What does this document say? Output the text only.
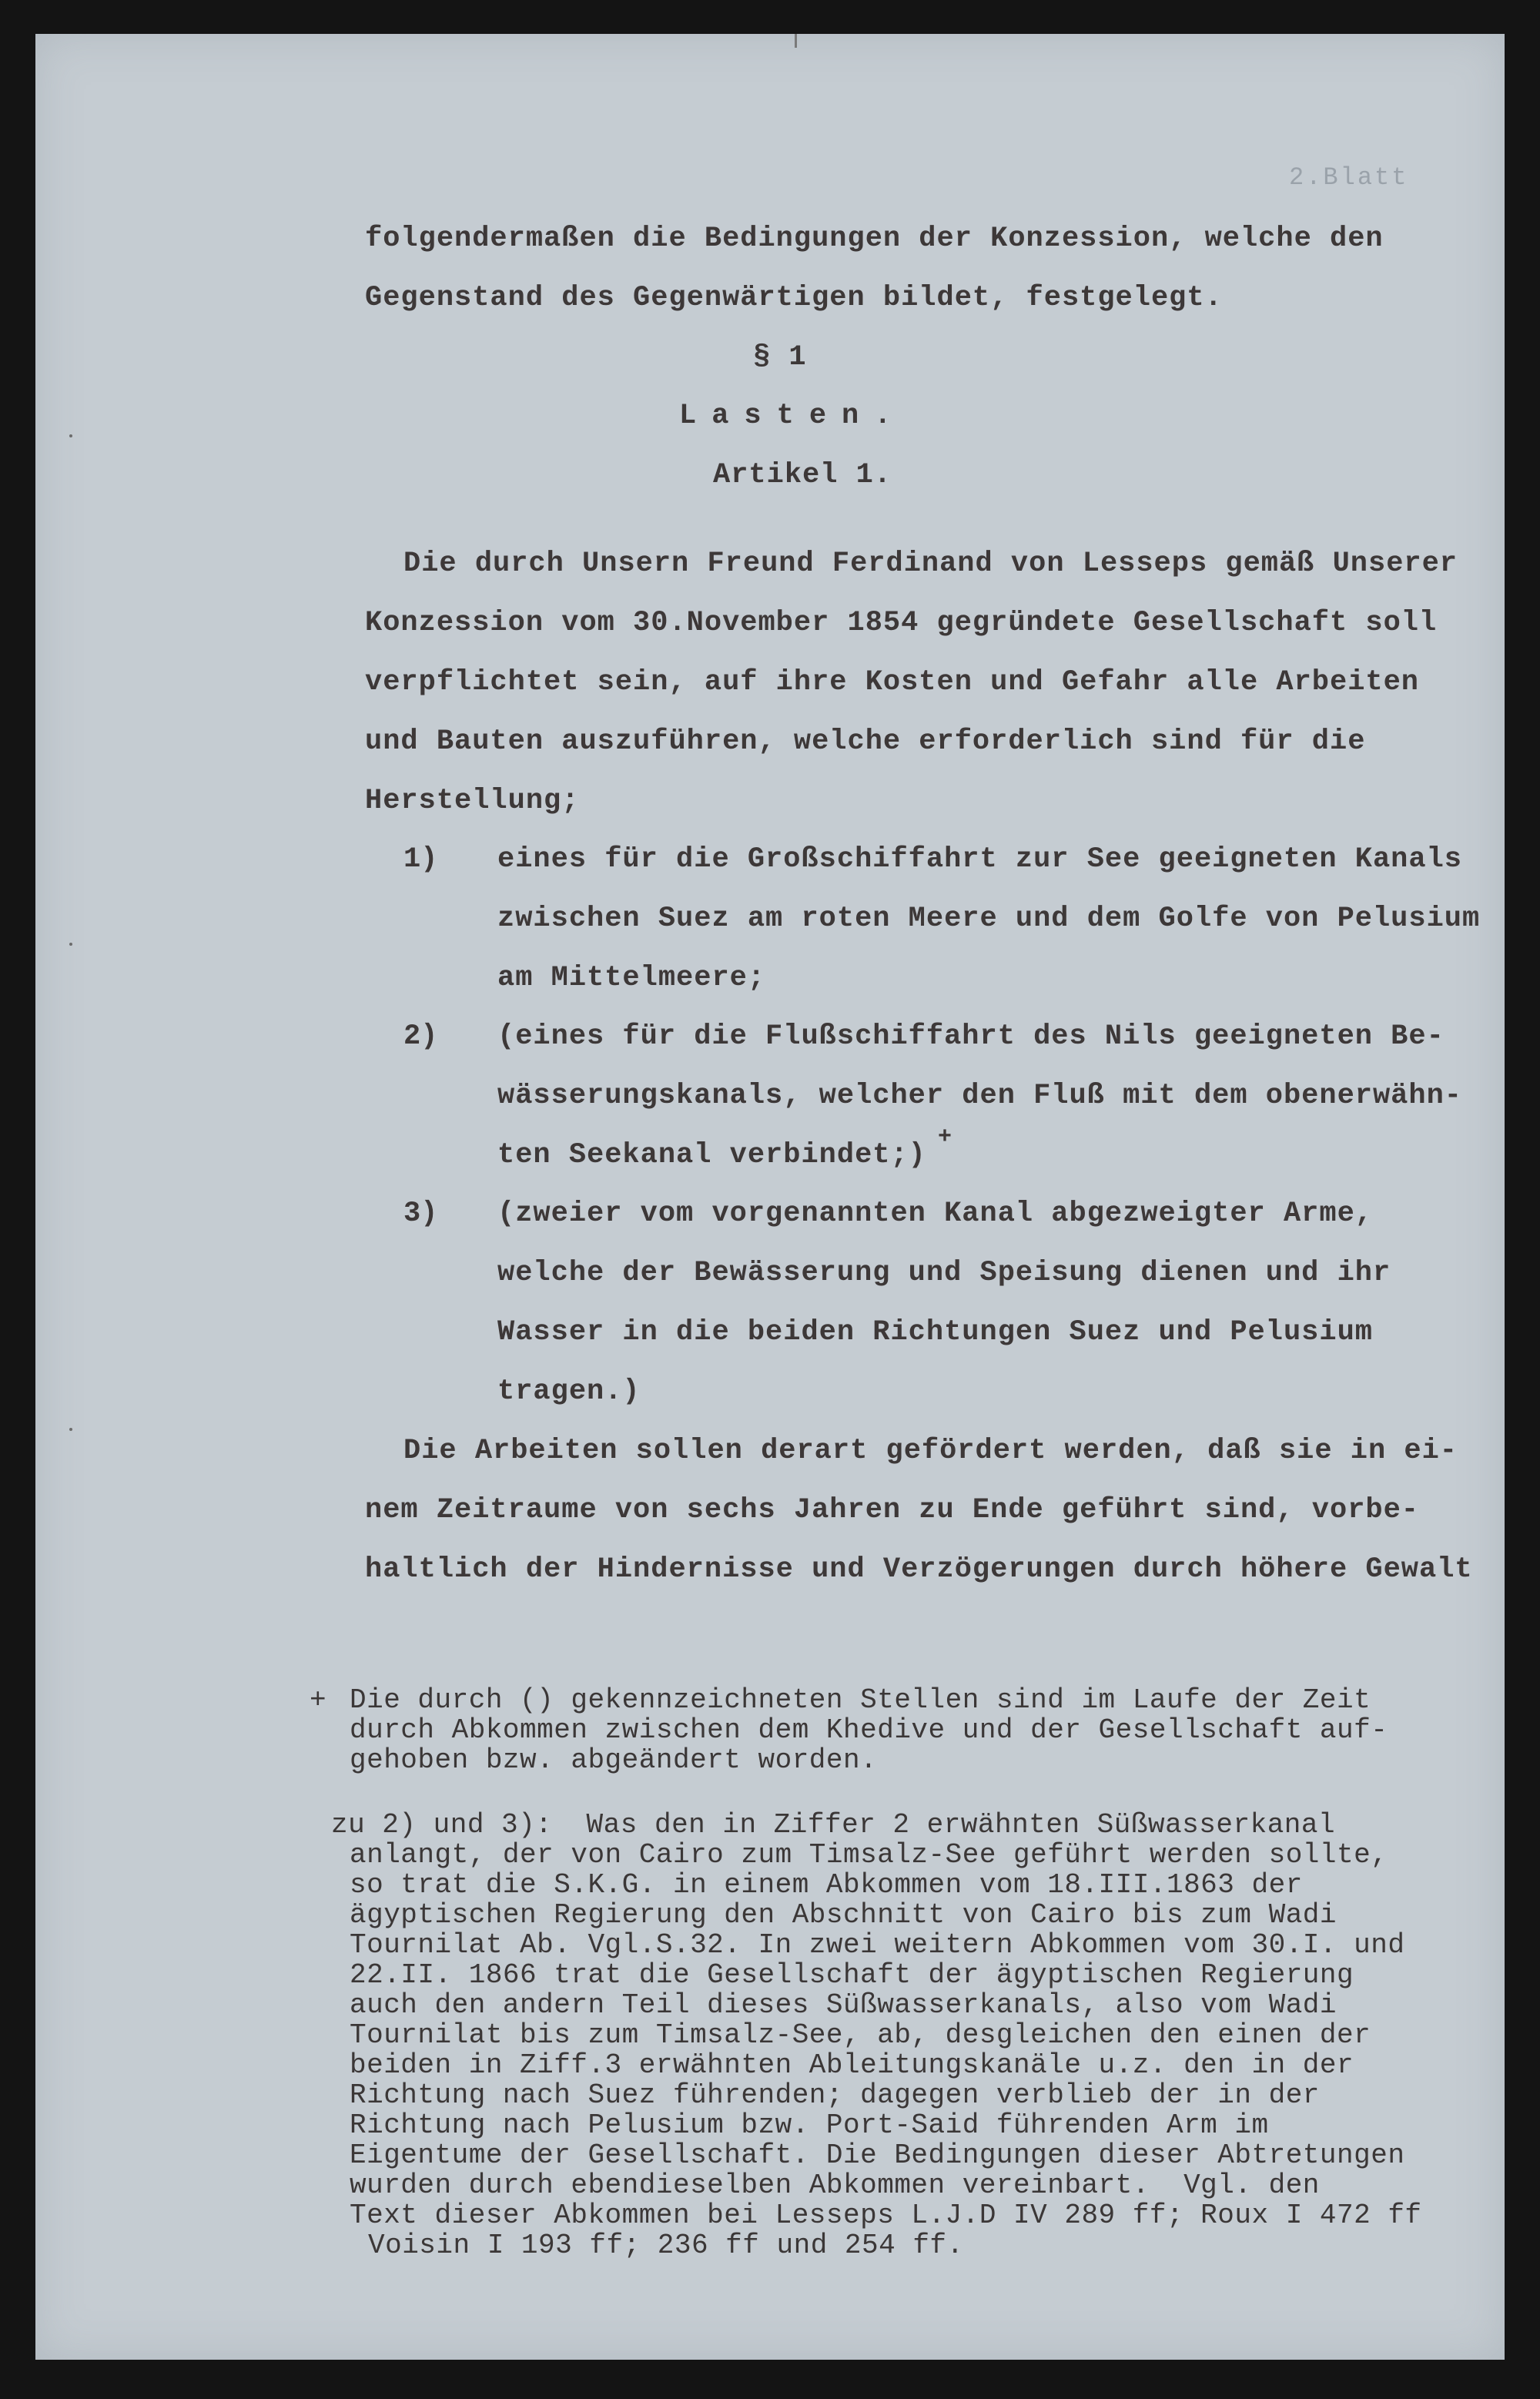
2.Blatt
folgendermaßen die Bedingungen der Konzession, welche den
Gegenstand des Gegenwärtigen bildet, festgelegt.
§ 1
Lasten.
Artikel 1.
Die durch Unsern Freund Ferdinand von Lesseps gemäß Unserer
Konzession vom 30.November 1854 gegründete Gesellschaft soll
verpflichtet sein, auf ihre Kosten und Gefahr alle Arbeiten
und Bauten auszuführen, welche erforderlich sind für die
Herstellung;
1) eines für die Großschiffahrt zur See geeigneten Kanals
zwischen Suez am roten Meere und dem Golfe von Pelusium
am Mittelmeere;
2) (eines für die Flußschiffahrt des Nils geeigneten Be-
wässerungskanals, welcher den Fluß mit dem obenerwähn-
ten Seekanal verbindet;)
+
3) (zweier vom vorgenannten Kanal abgezweigter Arme,
welche der Bewässerung und Speisung dienen und ihr
Wasser in die beiden Richtungen Suez und Pelusium
tragen.)
Die Arbeiten sollen derart gefördert werden, daß sie in ei-
nem Zeitraume von sechs Jahren zu Ende geführt sind, vorbe-
haltlich der Hindernisse und Verzögerungen durch höhere Gewalt
+ Die durch () gekennzeichneten Stellen sind im Laufe der Zeit
durch Abkommen zwischen dem Khedive und der Gesellschaft auf-
gehoben bzw. abgeändert worden.
zu 2) und 3):  Was den in Ziffer 2 erwähnten Süßwasserkanal
anlangt, der von Cairo zum Timsalz-See geführt werden sollte,
so trat die S.K.G. in einem Abkommen vom 18.III.1863 der
ägyptischen Regierung den Abschnitt von Cairo bis zum Wadi
Tournilat Ab. Vgl.S.32. In zwei weitern Abkommen vom 30.I. und
22.II. 1866 trat die Gesellschaft der ägyptischen Regierung
auch den andern Teil dieses Süßwasserkanals, also vom Wadi
Tournilat bis zum Timsalz-See, ab, desgleichen den einen der
beiden in Ziff.3 erwähnten Ableitungskanäle u.z. den in der
Richtung nach Suez führenden; dagegen verblieb der in der
Richtung nach Pelusium bzw. Port-Said führenden Arm im
Eigentume der Gesellschaft. Die Bedingungen dieser Abtretungen
wurden durch ebendieselben Abkommen vereinbart.  Vgl. den
Text dieser Abkommen bei Lesseps L.J.D IV 289 ff; Roux I 472 ff
Voisin I 193 ff; 236 ff und 254 ff.
